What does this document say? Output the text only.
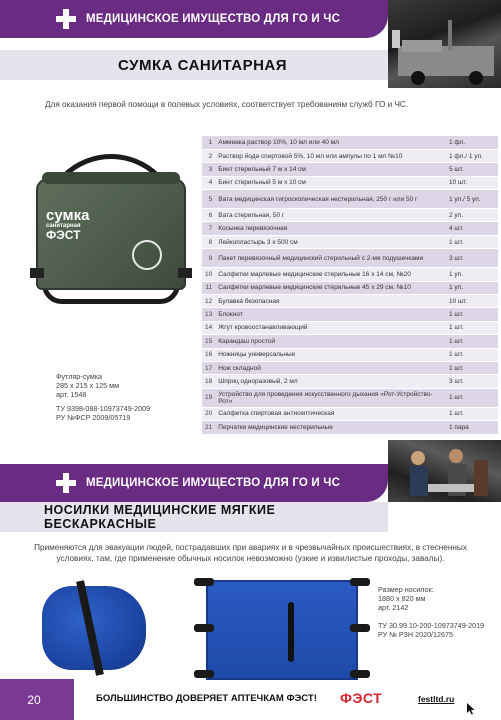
МЕДИЦИНСКОЕ ИМУЩЕСТВО ДЛЯ ГО И ЧС
СУМКА САНИТАРНАЯ
Для оказания первой помощи в полевых условиях, соответствует требованиям служб ГО и ЧС.
сумка
санитарная
ФЭСТ
Футляр-сумка
285 x 215 x 125 мм
арт. 1548
ТУ 9398-088-10973749-2009
РУ №ФСР 2009/05719
1	Аммиака раствор 10%, 10 мл или 40 мл	1 фл.
2	Раствор йода спиртовой 5%, 10 мл или ампулы по 1 мл №10	1 фл./ 1 уп.
3	Бинт стерильный 7 м х 14 см	5 шт.
4	Бинт стерильный 5 м х 10 см	10 шт.
5	Вата медицинская гигроскопическая нестерильная, 250 г или 50 г	1 уп./ 5 уп.
6	Вата стерильная, 50 г	2 уп.
7	Косынка перевязочная	4 шт.
8	Лейкопластырь 3 х 500 см	1 шт.
9	Пакет перевязочный медицинский стерильный с 2-мя подушечками	3 шт.
10	Салфетки марлевые медицинские стерильные 16 х 14 см, №20	1 уп.
11	Салфетки марлевые медицинские стерильные 45 х 29 см, №10	1 уп.
12	Булавка безопасная	10 шт.
13	Блокнот	1 шт.
14	Жгут кровоостанавливающий	1 шт.
15	Карандаш простой	1 шт.
16	Ножницы универсальные	1 шт.
17	Нож складной	1 шт.
18	Шприц одноразовый, 2 мл	3 шт.
19	Устройство для проведения искусственного дыхания «Рот-Устройство-Рот»	1 шт.
20	Салфетка спиртовая антисептическая	1 шт.
21	Перчатки медицинские нестерильные	1 пара
МЕДИЦИНСКОЕ ИМУЩЕСТВО ДЛЯ ГО И ЧС
НОСИЛКИ МЕДИЦИНСКИЕ МЯГКИЕ БЕСКАРКАСНЫЕ
Применяются для эвакуации людей, пострадавших при авариях и в чрезвычайных происшествиях, в стесненных
условиях, там, где применение обычных носилок невозможно (узкие и извилистые проходы, завалы).
Размер носилок:
1880 х 820 мм
арт. 2142
ТУ 30.99.10-200-10973749-2019
РУ № РЗН 2020/12675
20	БОЛЬШИНСТВО ДОВЕРЯЕТ АПТЕЧКАМ ФЭСТ! ФЭСТ	festltd.ru
